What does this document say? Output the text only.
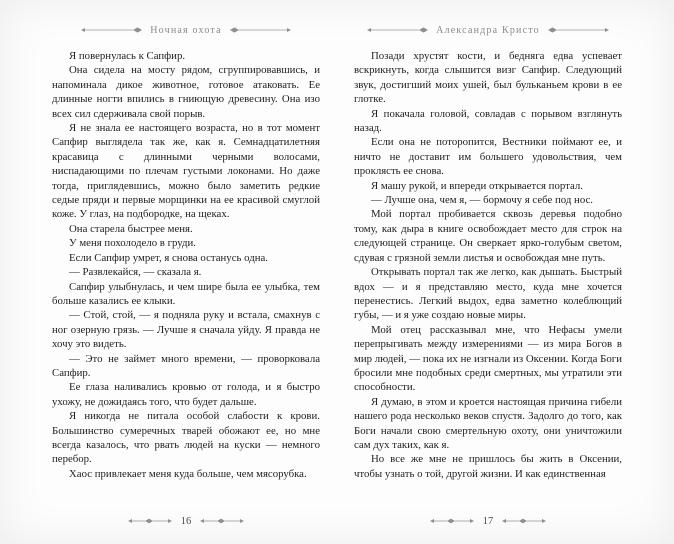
Ночная охота

Я повернулась к Сапфир.

Она сидела на мосту рядом, сгруппировавшись, и напоминала дикое животное, готовое атаковать. Ее длинные ногти впились в гниющую древесину. Она изо всех сил сдерживала свой порыв.

Я не знала ее настоящего возраста, но в тот момент Сапфир выглядела так же, как я. Семнадцатилетняя красавица с длинными черными волосами, ниспадающими по плечам густыми локонами. Но даже тогда, приглядевшись, можно было заметить редкие седые пряди и первые морщинки на ее красивой смуглой коже. У глаз, на подбородке, на щеках.

Она старела быстрее меня.

У меня похолодело в груди.

Если Сапфир умрет, я снова останусь одна.

— Развлекайся, — сказала я.

Сапфир улыбнулась, и чем шире была ее улыбка, тем больше казались ее клыки.

— Стой, стой, — я подняла руку и встала, смахнув с ног озерную грязь. — Лучше я сначала уйду. Я правда не хочу это видеть.

— Это не займет много времени, — проворковала Сапфир.

Ее глаза наливались кровью от голода, и я быстро ухожу, не дожидаясь того, что будет дальше.

Я никогда не питала особой слабости к крови. Большинство сумеречных тварей обожают ее, но мне всегда казалось, что рвать людей на куски — немного перебор.

Хаос привлекает меня куда больше, чем мясорубка.

16
Александра Кристо

Позади хрустят кости, и бедняга едва успевает вскрикнуть, когда слышится визг Сапфир. Следующий звук, достигший моих ушей, был бульканьем крови в ее глотке.

Я покачала головой, совладав с порывом взглянуть назад.

Если она не поторопится, Вестники поймают ее, и ничто не доставит им большего удовольствия, чем проклясть ее снова.

Я машу рукой, и впереди открывается портал.

— Лучше она, чем я, — бормочу я себе под нос.

Мой портал пробивается сквозь деревья подобно тому, как дыра в книге освобождает место для строк на следующей странице. Он сверкает ярко-голубым светом, сдувая с грязной земли листья и освобождая мне путь.

Открывать портал так же легко, как дышать. Быстрый вдох — и я представляю место, куда мне хочется перенестись. Легкий выдох, едва заметно колеблющий губы, — и я уже создаю новые миры.

Мой отец рассказывал мне, что Нефасы умели перепрыгивать между измерениями — из мира Богов в мир людей, — пока их не изгнали из Оксении. Когда Боги бросили мне подобных среди смертных, мы утратили эти способности.

Я думаю, в этом и кроется настоящая причина гибели нашего рода несколько веков спустя. Задолго до того, как Боги начали свою смертельную охоту, они уничтожили сам дух таких, как я.

Но все же мне не пришлось бы жить в Оксении, чтобы узнать о той, другой жизни. И как единственная

17
